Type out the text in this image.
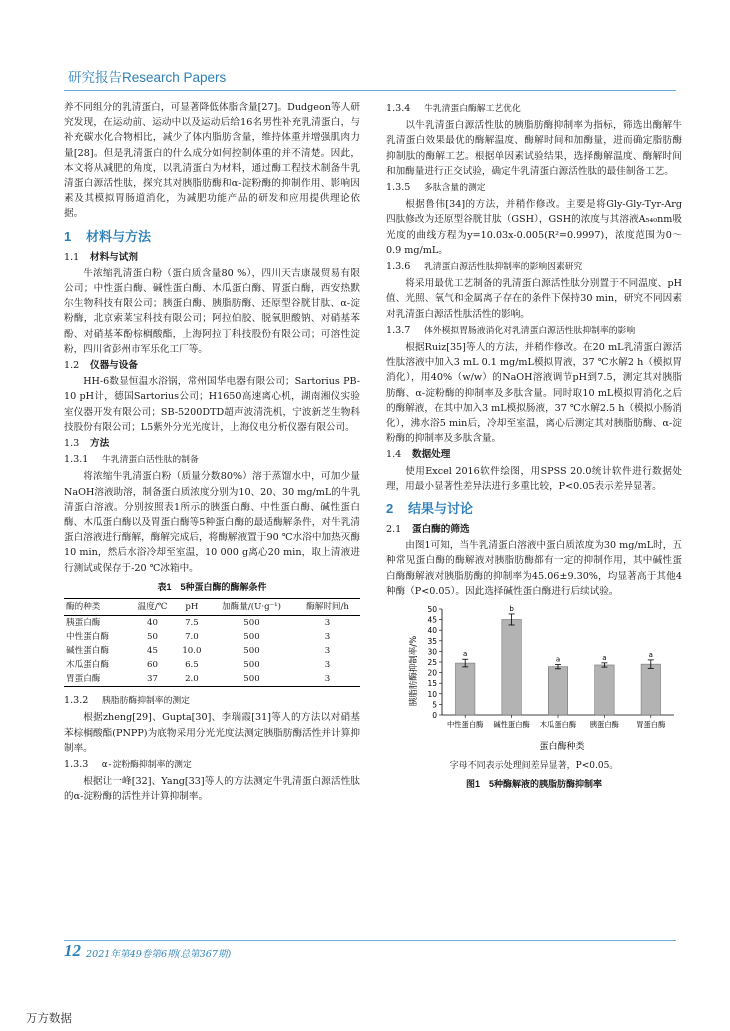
研究报告Research Papers

养不同组分的乳清蛋白，可显著降低体脂含量[27]。Dudgeon等人研究发现，在运动前、运动中以及运动后给16名男性补充乳清蛋白，与补充碳水化合物相比，减少了体内脂肪含量，维持体重并增强肌肉力量[28]。但是乳清蛋白的什么成分如何控制体重的并不清楚。因此，本文将从减肥的角度，以乳清蛋白为材料，通过酶工程技术制备牛乳清蛋白源活性肽，探究其对胰脂肪酶和α-淀粉酶的抑制作用、影响因素及其模拟胃肠道消化，为减肥功能产品的研发和应用提供理论依据。

1 材料与方法
1.1 材料与试剂

牛浓缩乳清蛋白粉（蛋白质含量80 %），四川天吉康晟贸易有限公司；中性蛋白酶、碱性蛋白酶、木瓜蛋白酶、胃蛋白酶，西安热默尔生物科技有限公司；胰蛋白酶、胰脂肪酶、还原型谷胱甘肽、α-淀粉酶，北京索莱宝科技有限公司；阿拉伯胶、脱氧胆酸钠、对硝基苯酚、对硝基苯酚棕榈酸酯，上海阿拉丁科技股份有限公司；可溶性淀粉，四川省彭州市军乐化工厂等。

1.2 仪器与设备

HH-6数显恒温水浴锅，常州国华电器有限公司；Sartorius PB-10 pH计，德国Sartorius公司；H1650高速离心机，湖南湘仪实验室仪器开发有限公司；SB-5200DTD超声波清洗机，宁波新芝生物科技股份有限公司；L5紫外分光光度计，上海仪电分析仪器有限公司。

1.3 方法
1.3.1 牛乳清蛋白活性肽的制备

将浓缩牛乳清蛋白粉（质量分数80%）溶于蒸馏水中，可加少量NaOH溶液助溶，制备蛋白质浓度分别为10、20、30 mg/mL的牛乳清蛋白溶液。分别按照表1所示的胰蛋白酶、中性蛋白酶、碱性蛋白酶、木瓜蛋白酶以及胃蛋白酶等5种蛋白酶的最适酶解条件，对牛乳清蛋白溶液进行酶解，酶解完成后，将酶解液置于90 ℃水浴中加热灭酶10 min，然后水浴冷却至室温，10 000 g离心20 min，取上清液进行测试或保存于-20 ℃冰箱中。

表1　5种蛋白酶的酶解条件
酶的种类	温度/℃	pH	加酶量/(U·g⁻¹)	酶解时间/h
胰蛋白酶	40	7.5	500	3
中性蛋白酶	50	7.0	500	3
碱性蛋白酶	45	10.0	500	3
木瓜蛋白酶	60	6.5	500	3
胃蛋白酶	37	2.0	500	3
1.3.2 胰脂肪酶抑制率的测定

根据zheng[29]、Gupta[30]、李瑞霞[31]等人的方法以对硝基苯棕榈酸酯(PNPP)为底物采用分光光度法测定胰脂肪酶活性并计算抑制率。

1.3.3 α-淀粉酶抑制率的测定

根据让一峰[32]、Yang[33]等人的方法测定牛乳清蛋白源活性肽的α-淀粉酶的活性并计算抑制率。

1.3.4 牛乳清蛋白酶解工艺优化

以牛乳清蛋白源活性肽的胰脂肪酶抑制率为指标，筛选出酶解牛乳清蛋白效果最优的酶解温度、酶解时间和加酶量，进而确定脂肪酶抑制肽的酶解工艺。根据单因素试验结果，选择酶解温度、酶解时间和加酶量进行正交试验，确定牛乳清蛋白源活性肽的最佳制备工艺。

1.3.5 多肽含量的测定

根据鲁伟[34]的方法，并稍作修改。主要是将Gly-Gly-Tyr-Arg四肽修改为还原型谷胱甘肽（GSH），GSH的浓度与其溶液A₅₄₀nm吸光度的曲线方程为y=10.03x-0.005(R²=0.9997)，浓度范围为0～0.9 mg/mL。

1.3.6 乳清蛋白源活性肽抑制率的影响因素研究

将采用最优工艺制备的乳清蛋白源活性肽分别置于不同温度、pH值、光照、氧气和金属离子存在的条件下保持30 min，研究不同因素对乳清蛋白源活性肽活性的影响。

1.3.7 体外模拟胃肠液消化对乳清蛋白源活性肽抑制率的影响

根据Ruiz[35]等人的方法，并稍作修改。在20 mL乳清蛋白源活性肽溶液中加入3 mL 0.1 mg/mL模拟胃液，37 ℃水解2 h（模拟胃消化），用40%（w/w）的NaOH溶液调节pH到7.5，测定其对胰脂肪酶、α-淀粉酶的抑制率及多肽含量。同时取10 mL模拟胃消化之后的酶解液，在其中加入3 mL模拟肠液，37 ℃水解2.5 h（模拟小肠消化），沸水浴5 min后，冷却至室温，离心后测定其对胰脂肪酶、α-淀粉酶的抑制率及多肽含量。

1.4 数据处理

使用Excel 2016软件绘图，用SPSS 20.0统计软件进行数据处理，用最小显著性差异法进行多重比较，P<0.05表示差异显著。

2 结果与讨论
2.1 蛋白酶的筛选

由图1可知，当牛乳清蛋白溶液中蛋白质浓度为30 mg/mL时，五种常见蛋白酶的酶解液对胰脂肪酶都有一定的抑制作用，其中碱性蛋白酶酶解液对胰脂肪酶的抑制率为45.06±9.30%，均显著高于其他4种酶（P<0.05）。因此选择碱性蛋白酶进行后续试验。

0
5
10
15
20
25
30
35
40
45
50
a
中性蛋白酶
b
碱性蛋白酶
a
木瓜蛋白酶
a
胰蛋白酶
a
胃蛋白酶
胰脂肪酶抑制率/%
蛋白酶种类
字母不同表示处理间差异显著，P<0.05。
图1　5种酶解液的胰脂肪酶抑制率
12 2021年第49卷第6期(总第367期)
万方数据
